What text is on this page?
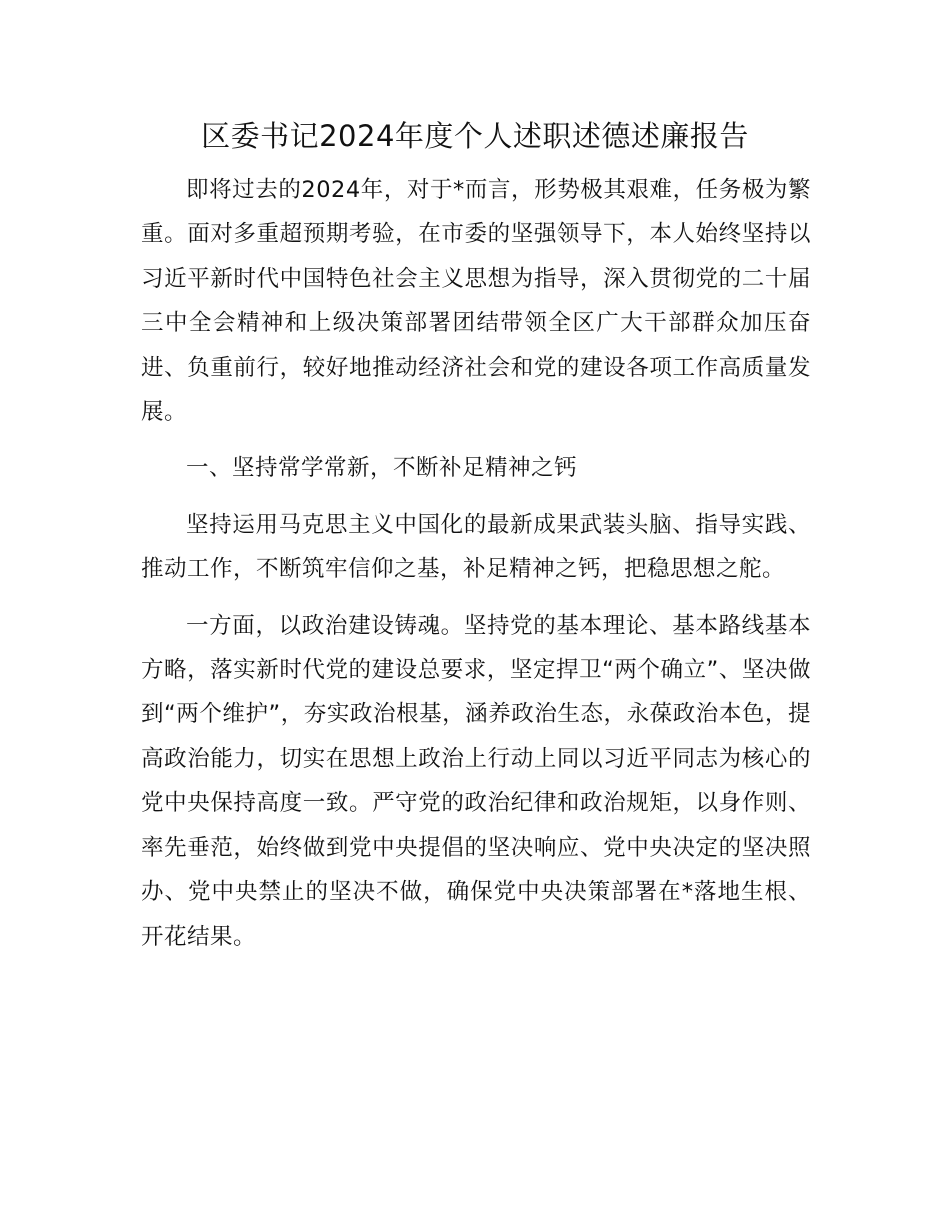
区委书记2024年度个人述职述德述廉报告

即将过去的2024年，对于*而言，形势极其艰难，任务极为繁重。面对多重超预期考验，在市委的坚强领导下，本人始终坚持以习近平新时代中国特色社会主义思想为指导，深入贯彻党的二十届三中全会精神和上级决策部署团结带领全区广大干部群众加压奋进、负重前行，较好地推动经济社会和党的建设各项工作高质量发展。

一、坚持常学常新，不断补足精神之钙

坚持运用马克思主义中国化的最新成果武装头脑、指导实践、推动工作，不断筑牢信仰之基，补足精神之钙，把稳思想之舵。

一方面，以政治建设铸魂。坚持党的基本理论、基本路线基本方略，落实新时代党的建设总要求，坚定捍卫“两个确立”、坚决做到“两个维护”，夯实政治根基，涵养政治生态，永葆政治本色，提高政治能力，切实在思想上政治上行动上同以习近平同志为核心的党中央保持高度一致。严守党的政治纪律和政治规矩，以身作则、率先垂范，始终做到党中央提倡的坚决响应、党中央决定的坚决照办、党中央禁止的坚决不做，确保党中央决策部署在*落地生根、开花结果。
